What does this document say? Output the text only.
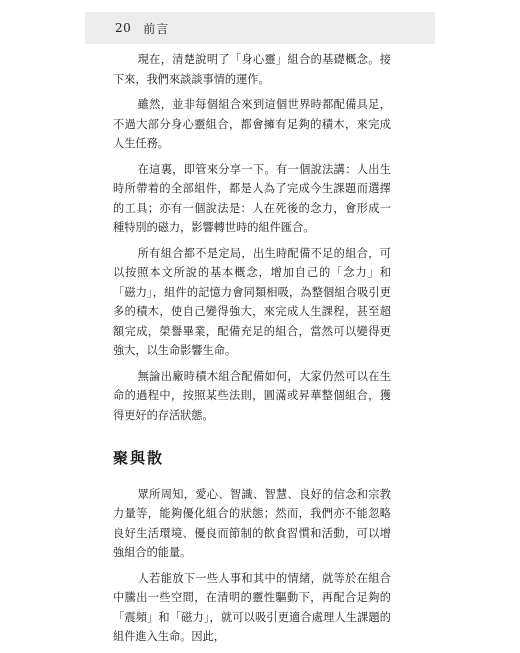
20 前言

現在，清楚說明了「身心靈」組合的基礎概念。接下來，我們來談談事情的運作。

雖然，並非每個組合來到這個世界時都配備具足，不過大部分身心靈組合，都會擁有足夠的積木，來完成人生任務。

在這裏，即管來分享一下。有一個說法講：人出生時所帶着的全部組件，都是人為了完成今生課題而選擇的工具；亦有一個說法是：人在死後的念力，會形成一種特別的磁力，影響轉世時的組件匯合。

所有組合都不是定局，出生時配備不足的組合，可以按照本文所說的基本概念，增加自己的「念力」和「磁力」，組件的記憶力會同類相吸，為整個組合吸引更多的積木，使自己變得強大，來完成人生課程，甚至超額完成，榮譽畢業，配備充足的組合，當然可以變得更強大，以生命影響生命。

無論出廠時積木組合配備如何，大家仍然可以在生命的過程中，按照某些法則，圓滿或昇華整個組合，獲得更好的存活狀態。

聚與散

眾所周知，愛心、智識、智慧、良好的信念和宗教力量等，能夠優化組合的狀態；然而，我們亦不能忽略良好生活環境、優良而節制的飲食習慣和活動，可以增強組合的能量。

人若能放下一些人事和其中的情緒，就等於在組合中騰出一些空間，在清明的靈性驅動下，再配合足夠的「震頻」和「磁力」，就可以吸引更適合處理人生課題的組件進入生命。因此，
